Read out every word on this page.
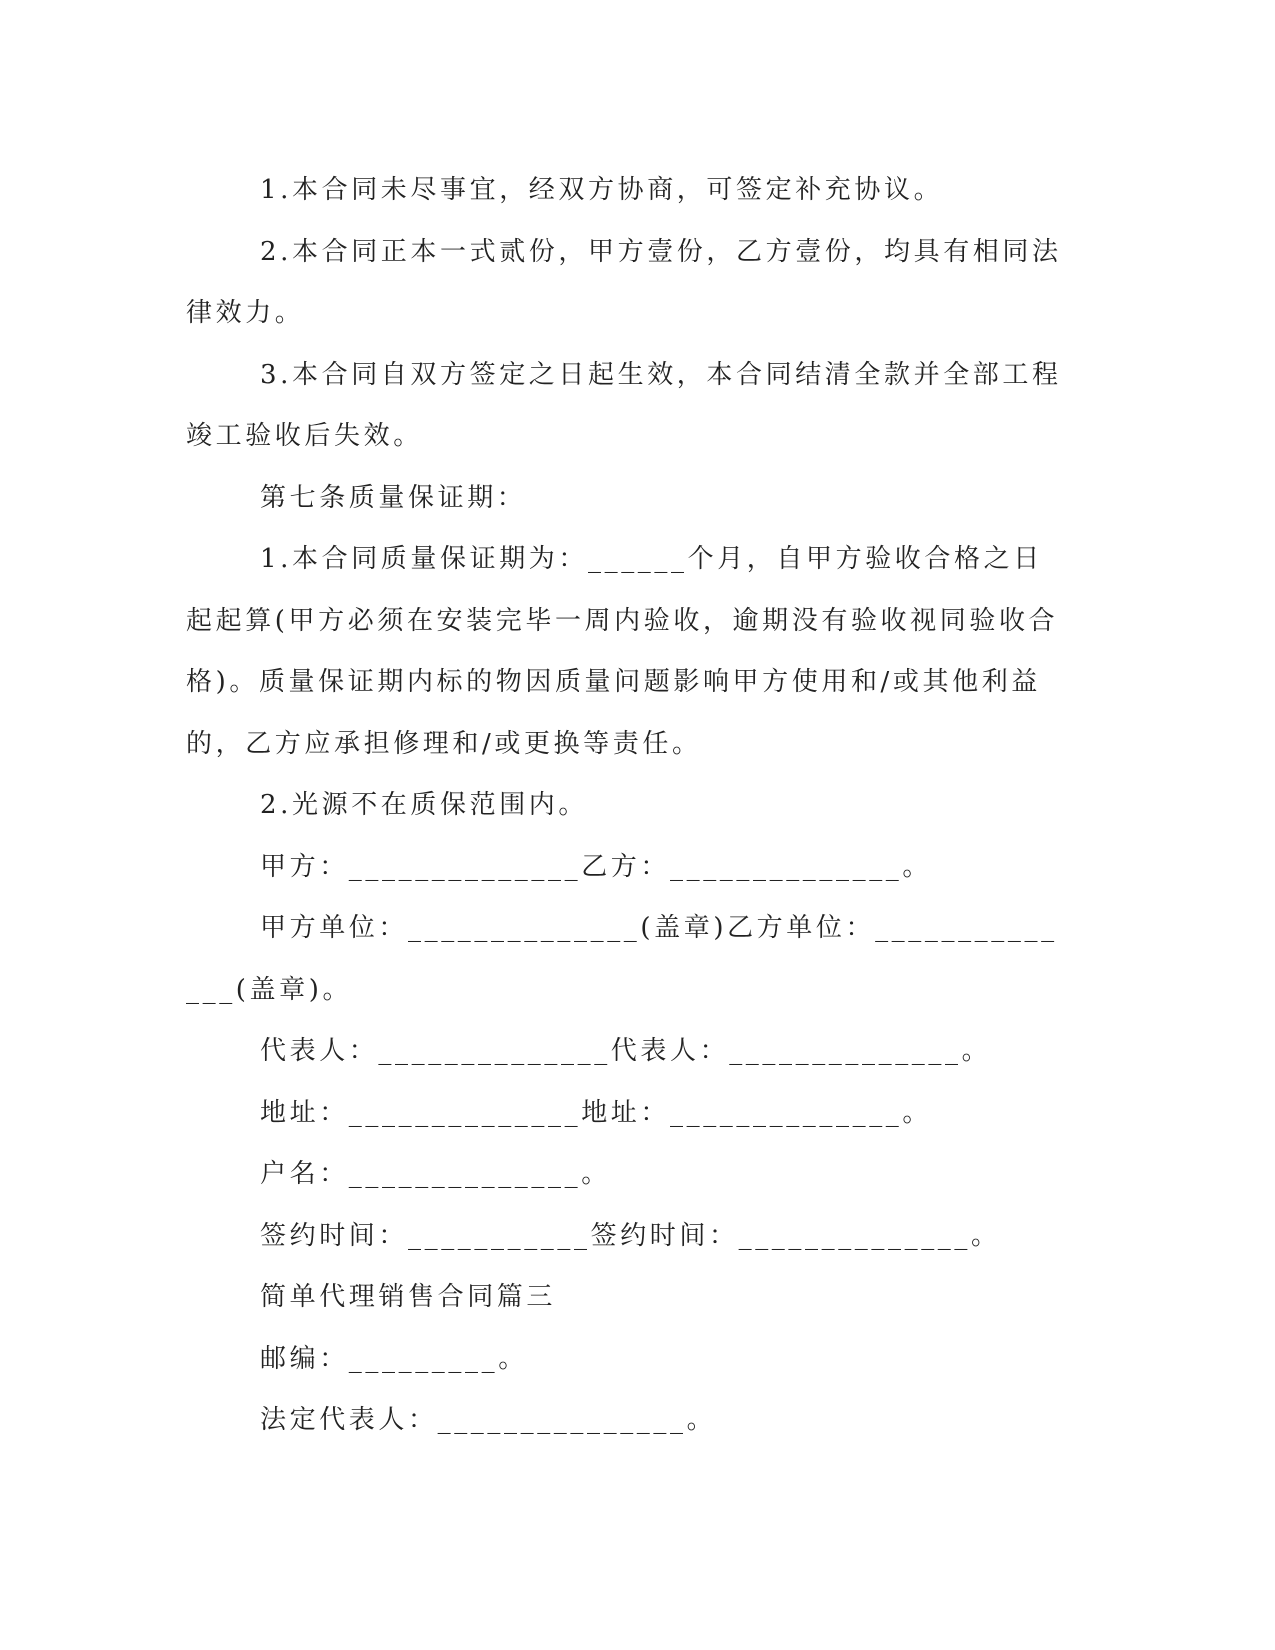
1.本合同未尽事宜，经双方协商，可签定补充协议。

2.本合同正本一式贰份，甲方壹份，乙方壹份，均具有相同法律效力。

3.本合同自双方签定之日起生效，本合同结清全款并全部工程竣工验收后失效。

第七条质量保证期：

1.本合同质量保证期为：______个月，自甲方验收合格之日起起算(甲方必须在安装完毕一周内验收，逾期没有验收视同验收合格)。质量保证期内标的物因质量问题影响甲方使用和/或其他利益的，乙方应承担修理和/或更换等责任。

2.光源不在质保范围内。

甲方：______________乙方：______________。

甲方单位：______________(盖章)乙方单位：______________(盖章)。

代表人：______________代表人：______________。

地址：______________地址：______________。

户名：______________。

签约时间：___________签约时间：______________。

简单代理销售合同篇三

邮编：_________。

法定代表人：_______________。
